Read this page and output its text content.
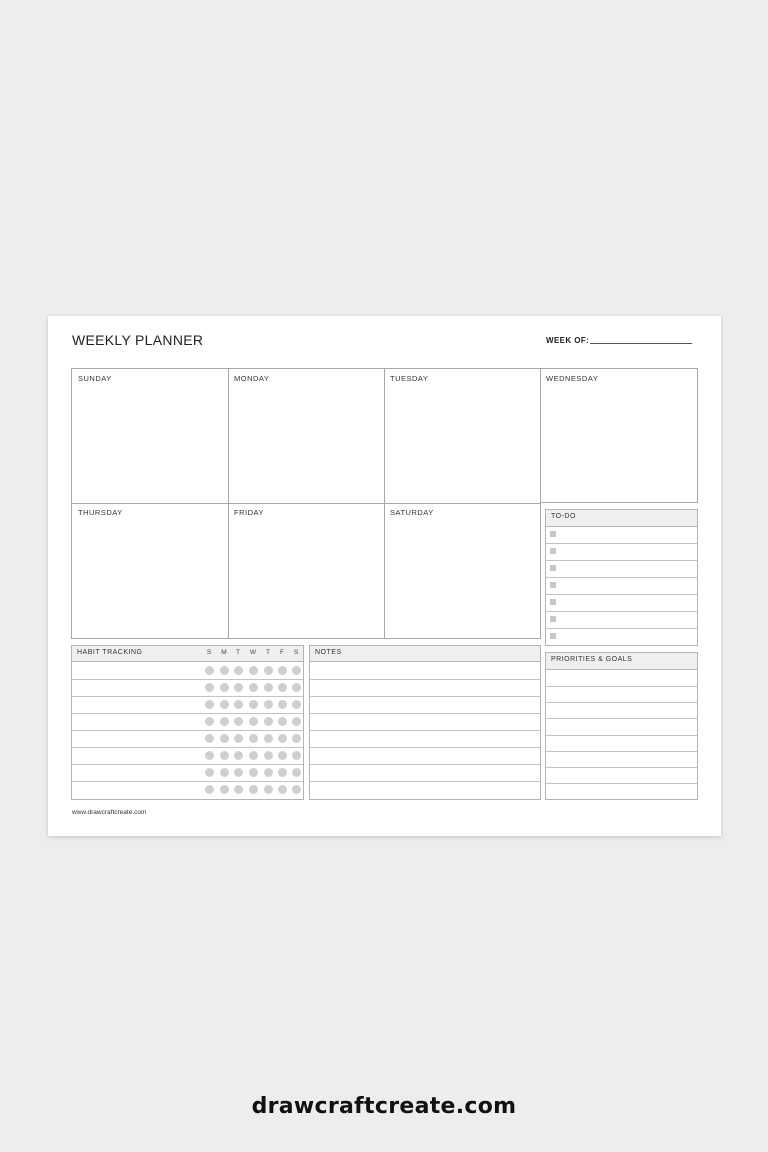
WEEKLY PLANNER	WEEK OF:
SUNDAY	MONDAY	TUESDAY	WEDNESDAY
THURSDAY	FRIDAY	SATURDAY	TO-DO
PRIORITIES & GOALS
HABIT TRACKING	S	M	T	W	T	F	S	NOTES
www.drawcraftcreate.com
drawcraftcreate.com
